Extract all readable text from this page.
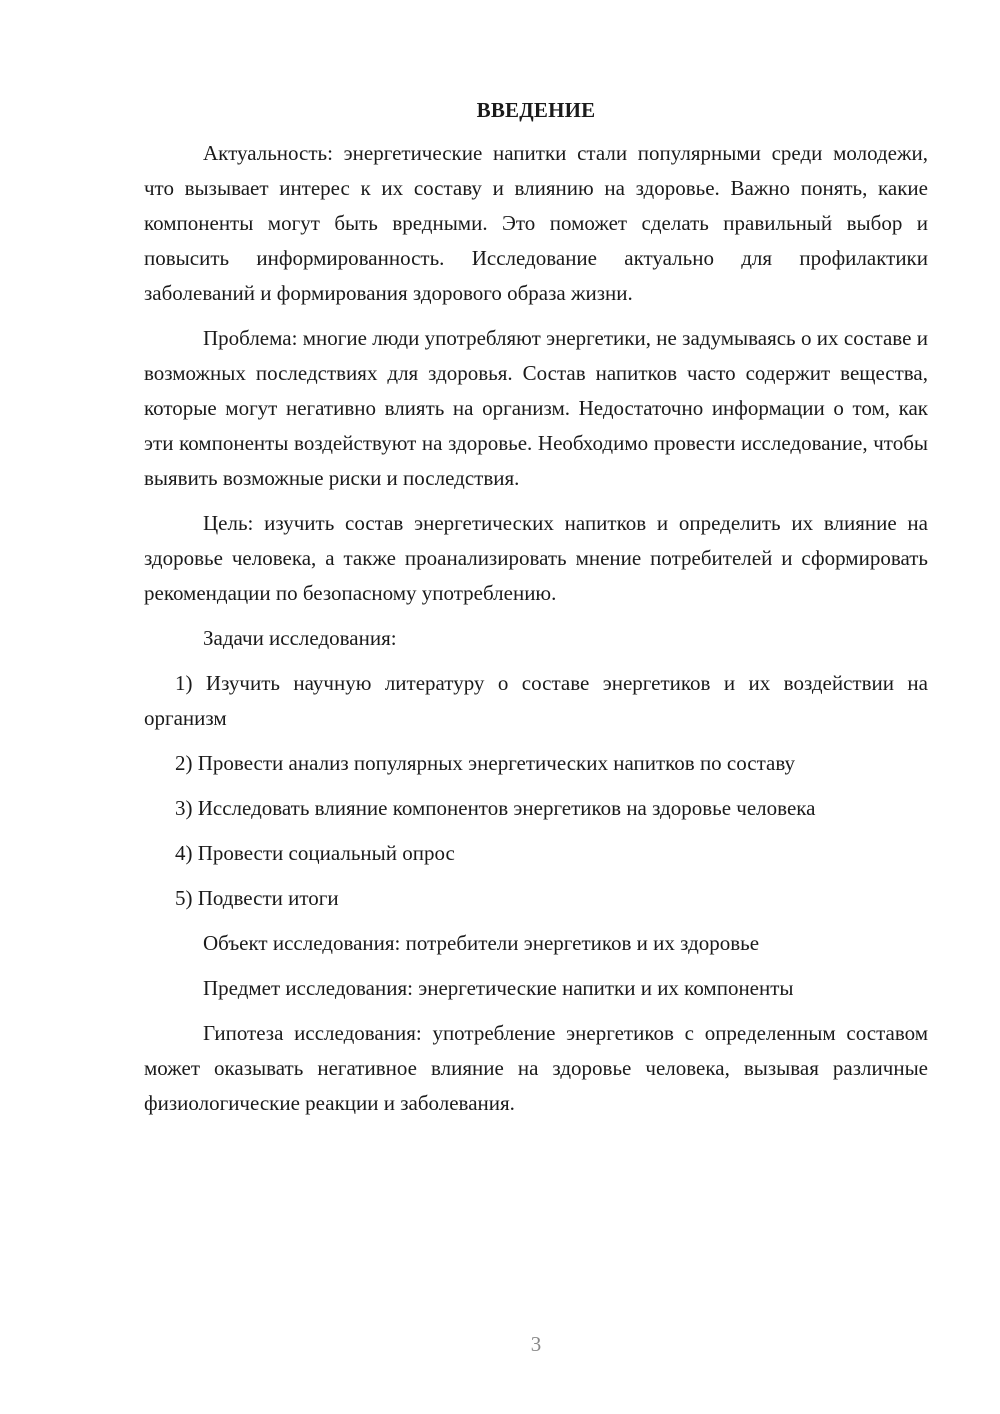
ВВЕДЕНИЕ

Актуальность: энергетические напитки стали популярными среди молодежи, что вызывает интерес к их составу и влиянию на здоровье. Важно понять, какие компоненты могут быть вредными. Это поможет сделать правильный выбор и повысить информированность. Исследование актуально для профилактики заболеваний и формирования здорового образа жизни.

Проблема: многие люди употребляют энергетики, не задумываясь о их составе и возможных последствиях для здоровья. Состав напитков часто содержит вещества, которые могут негативно влиять на организм. Недостаточно информации о том, как эти компоненты воздействуют на здоровье. Необходимо провести исследование, чтобы выявить возможные риски и последствия.

Цель: изучить состав энергетических напитков и определить их влияние на здоровье человека, а также проанализировать мнение потребителей и сформировать рекомендации по безопасному употреблению.

Задачи исследования:

1) Изучить научную литературу о составе энергетиков и их воздействии на организм

2) Провести анализ популярных энергетических напитков по составу

3) Исследовать влияние компонентов энергетиков на здоровье человека

4) Провести социальный опрос

5) Подвести итоги

Объект исследования: потребители энергетиков и их здоровье

Предмет исследования: энергетические напитки и их компоненты

Гипотеза исследования: употребление энергетиков с определенным составом может оказывать негативное влияние на здоровье человека, вызывая различные физиологические реакции и заболевания.

3
